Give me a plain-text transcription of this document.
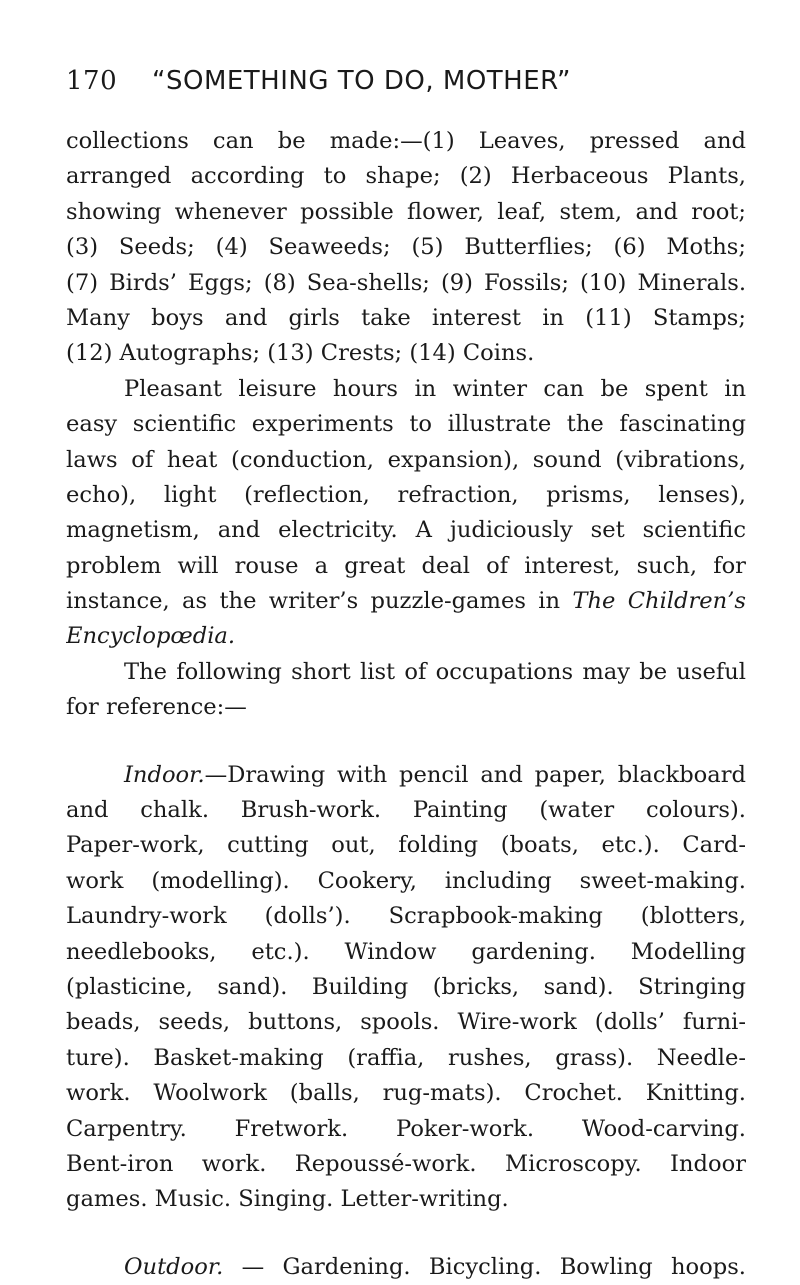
170 “SOMETHING TO DO, MOTHER”
collections can be made:—(1) Leaves, pressed and
arranged according to shape; (2) Herbaceous Plants,
showing whenever possible flower, leaf, stem, and root;
(3) Seeds; (4) Seaweeds; (5) Butterflies; (6) Moths;
(7) Birds’ Eggs; (8) Sea-shells; (9) Fossils; (10) Minerals.
Many boys and girls take interest in (11) Stamps;
(12) Autographs; (13) Crests; (14) Coins.
Pleasant leisure hours in winter can be spent in
easy scientific experiments to illustrate the fascinating
laws of heat (conduction, expansion), sound (vibrations,
echo), light (reflection, refraction, prisms, lenses),
magnetism, and electricity. A judiciously set scientific
problem will rouse a great deal of interest, such, for
instance, as the writer’s puzzle-games in The Children’s
Encyclopœdia.
The following short list of occupations may be useful
for reference:—
Indoor.—Drawing with pencil and paper, blackboard
and chalk. Brush-work. Painting (water colours).
Paper-work, cutting out, folding (boats, etc.). Card-
work (modelling). Cookery, including sweet-making.
Laundry-work (dolls’). Scrapbook-making (blotters,
needlebooks, etc.). Window gardening. Modelling
(plasticine, sand). Building (bricks, sand). Stringing
beads, seeds, buttons, spools. Wire-work (dolls’ furni-
ture). Basket-making (raffia, rushes, grass). Needle-
work. Woolwork (balls, rug-mats). Crochet. Knitting.
Carpentry. Fretwork. Poker-work. Wood-carving.
Bent-iron work. Repoussé-work. Microscopy. Indoor
games. Music. Singing. Letter-writing.
Outdoor. — Gardening. Bicycling. Bowling hoops.
